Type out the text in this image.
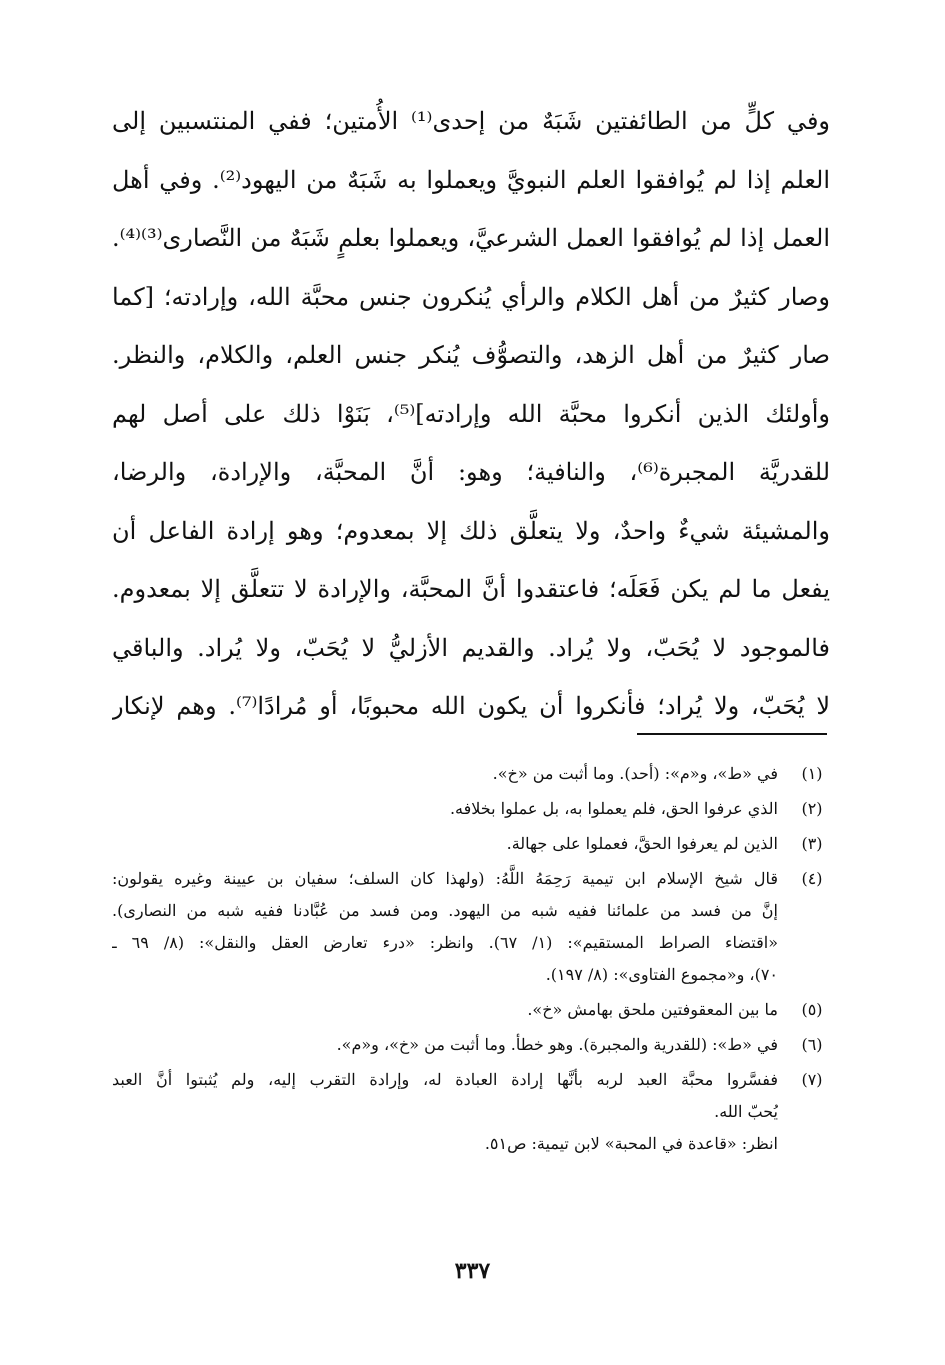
وفي كلٍّ من الطائفتين شَبَهٌ من إحدى⁽¹⁾ الأُمتين؛ ففي المنتسبين إلى
العلم إذا لم يُوافقوا العلم النبويَّ ويعملوا به شَبَهٌ من اليهود⁽²⁾. وفي أهل
العمل إذا لم يُوافقوا العمل الشرعيَّ، ويعملوا بعلمٍ شَبَهٌ من النَّصارى⁽³⁾⁽⁴⁾.
وصار كثيرٌ من أهل الكلام والرأي يُنكرون جنس محبَّة الله، وإرادته؛ [كما
صار كثيرٌ من أهل الزهد، والتصوُّف يُنكر جنس العلم، والكلام، والنظر.
وأولئك الذين أنكروا محبَّة الله وإرادته]⁽⁵⁾، بَنَوْا ذلك على أصل لهم
للقدريَّة المجبرة⁽⁶⁾، والنافية؛ وهو: أنَّ المحبَّة، والإرادة، والرضا،
والمشيئة شيءٌ واحدٌ، ولا يتعلَّق ذلك إلا بمعدوم؛ وهو إرادة الفاعل أن
يفعل ما لم يكن فَعَلَه؛ فاعتقدوا أنَّ المحبَّة، والإرادة لا تتعلَّق إلا بمعدوم.
فالموجود لا يُحَبّ، ولا يُراد. والقديم الأزليُّ لا يُحَبّ، ولا يُراد. والباقي
لا يُحَبّ، ولا يُراد؛ فأنكروا أن يكون الله محبوبًا، أو مُرادًا⁽⁷⁾. وهم لإنكار
(١)
في «ط»، و«م»: (أحد). وما أثبت من «خ».
(٢)
الذي عرفوا الحق، فلم يعملوا به، بل عملوا بخلافه.
(٣)
الذين لم يعرفوا الحقَّ، فعملوا على جهالة.
(٤)
قال شيخ الإسلام ابن تيمية رَحِمَهُ اللَّهُ: (ولهذا كان السلف؛ سفيان بن عيينة وغيره يقولون:
إنَّ من فسد من علمائنا ففيه شبه من اليهود. ومن فسد من عُبَّادنا ففيه شبه من النصارى).
«اقتضاء الصراط المستقيم»: (١/ ٦٧). وانظر: «درء تعارض العقل والنقل»: (٨/ ٦٩ ـ
٧٠)، و«مجموع الفتاوى»: (٨/ ١٩٧).
(٥)
ما بين المعقوفتين ملحق بهامش «خ».
(٦)
في «ط»: (للقدرية والمجبرة). وهو خطأ. وما أثبت من «خ»، و«م».
(٧)
ففسَّروا محبَّة العبد لربه بأنَّها إرادة العبادة له، وإرادة التقرب إليه، ولم يُثبتوا أنَّ العبد
يُحبّ الله.
انظر: «قاعدة في المحبة» لابن تيمية: ص٥١.
٣٣٧
